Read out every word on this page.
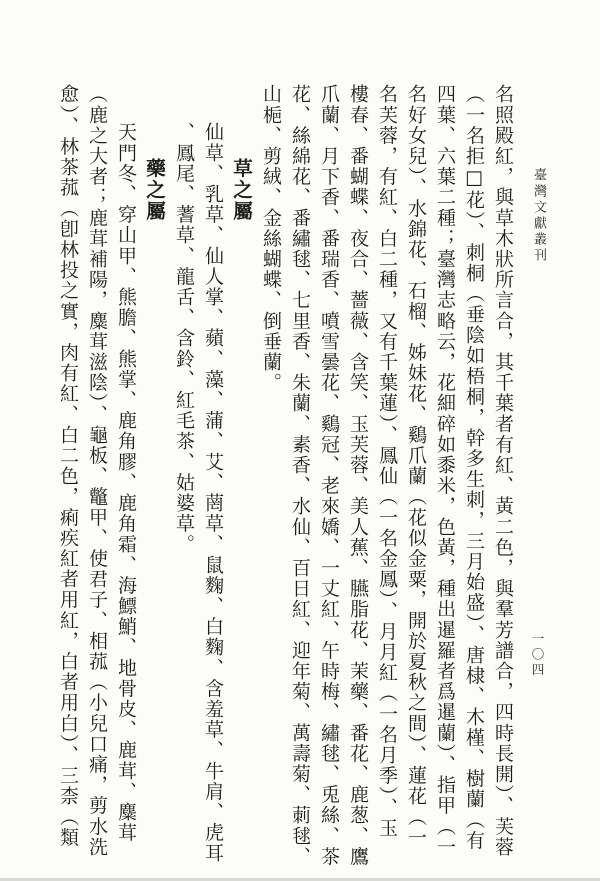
臺灣文獻叢刊
一〇四
名照殿紅，與草木狀所言合，其千葉者有紅、黃二色，與羣芳譜合，四時長開）、芙蓉
（一名拒□花）、刺桐（垂陰如梧桐，幹多生刺，三月始盛）、唐棣、木槿、樹蘭（有
四葉、六葉二種；臺灣志略云，花細碎如黍米，色黃，種出暹羅者爲暹蘭）、指甲（一
名好女兒）、水錦花、石榴、姊妹花、鷄爪蘭（花似金粟，開於夏秋之間）、蓮花（一
名芙蓉，有紅、白二種，又有千葉蓮）、鳳仙（一名金鳳）、月月紅（一名月季）、玉
樓春、番蝴蝶、夜合、薔薇、含笑、玉芙蓉、美人蕉、臙脂花、茉藥、番花、鹿葱、鷹
爪蘭、月下香、番瑞香、噴雪曇花、鷄冠、老來嬌、一丈紅、午時梅、繡毬、兎絲、茶
花、絲綿花、番繡毬、七里香、朱蘭、素香、水仙、百日紅、迎年菊、萬壽菊、莿毬、
山梔、剪絨、金絲蝴蝶、倒垂蘭。
草之屬
仙草、乳草、仙人掌、蘋、藻、蒲、艾、菵草、鼠麴、白麴、含羞草、牛肩、虎耳
、鳳尾、蓍草、龍舌、含鈴、紅毛茶、姑婆草。
藥之屬
天門冬、穿山甲、熊膽、熊掌、鹿角膠、鹿角霜、海鰾鮹、地骨皮、鹿茸、麋茸
（鹿之大者；鹿茸補陽，麋茸滋陰）、龜板、鼈甲、使君子、相菰（小兒口痛，剪水洗
愈）、林茶菰（卽林投之實，肉有紅、白二色，痢疾紅者用紅，白者用白）、三柰（類
